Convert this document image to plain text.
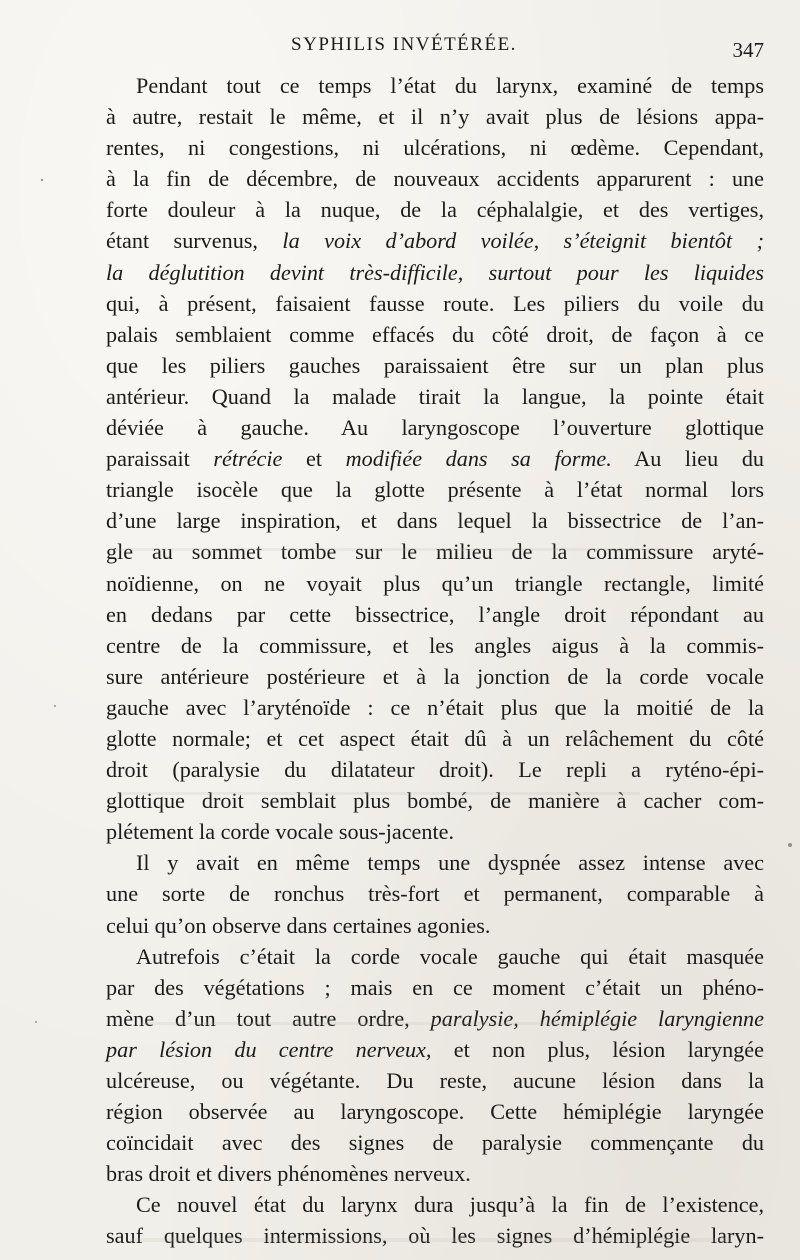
SYPHILIS INVÉTÉRÉE.	347
Pendant tout ce temps l’état du larynx, examiné de temps
à autre, restait le même, et il n’y avait plus de lésions appa-
rentes, ni congestions, ni ulcérations, ni œdème. Cependant,
à la fin de décembre, de nouveaux accidents apparurent : une
forte douleur à la nuque, de la céphalalgie, et des vertiges,
étant survenus, la voix d’abord voilée, s’éteignit bientôt ;
la déglutition devint très-difficile, surtout pour les liquides
qui, à présent, faisaient fausse route. Les piliers du voile du
palais semblaient comme effacés du côté droit, de façon à ce
que les piliers gauches paraissaient être sur un plan plus
antérieur. Quand la malade tirait la langue, la pointe était
déviée à gauche. Au laryngoscope l’ouverture glottique
paraissait rétrécie et modifiée dans sa forme. Au lieu du
triangle isocèle que la glotte présente à l’état normal lors
d’une large inspiration, et dans lequel la bissectrice de l’an-
gle au sommet tombe sur le milieu de la commissure aryté-
noïdienne, on ne voyait plus qu’un triangle rectangle, limité
en dedans par cette bissectrice, l’angle droit répondant au
centre de la commissure, et les angles aigus à la commis-
sure antérieure postérieure et à la jonction de la corde vocale
gauche avec l’aryténoïde : ce n’était plus que la moitié de la
glotte normale; et cet aspect était dû à un relâchement du côté
droit (paralysie du dilatateur droit). Le repli a ryténo-épi-
glottique droit semblait plus bombé, de manière à cacher com-
plétement la corde vocale sous-jacente.
Il y avait en même temps une dyspnée assez intense avec
une sorte de ronchus très-fort et permanent, comparable à
celui qu’on observe dans certaines agonies.
Autrefois c’était la corde vocale gauche qui était masquée
par des végétations ; mais en ce moment c’était un phéno-
mène d’un tout autre ordre, paralysie, hémiplégie laryngienne
par lésion du centre nerveux, et non plus, lésion laryngée
ulcéreuse, ou végétante. Du reste, aucune lésion dans la
région observée au laryngoscope. Cette hémiplégie laryngée
coïncidait avec des signes de paralysie commençante du
bras droit et divers phénomènes nerveux.
Ce nouvel état du larynx dura jusqu’à la fin de l’existence,
sauf quelques intermissions, où les signes d’hémiplégie laryn-
